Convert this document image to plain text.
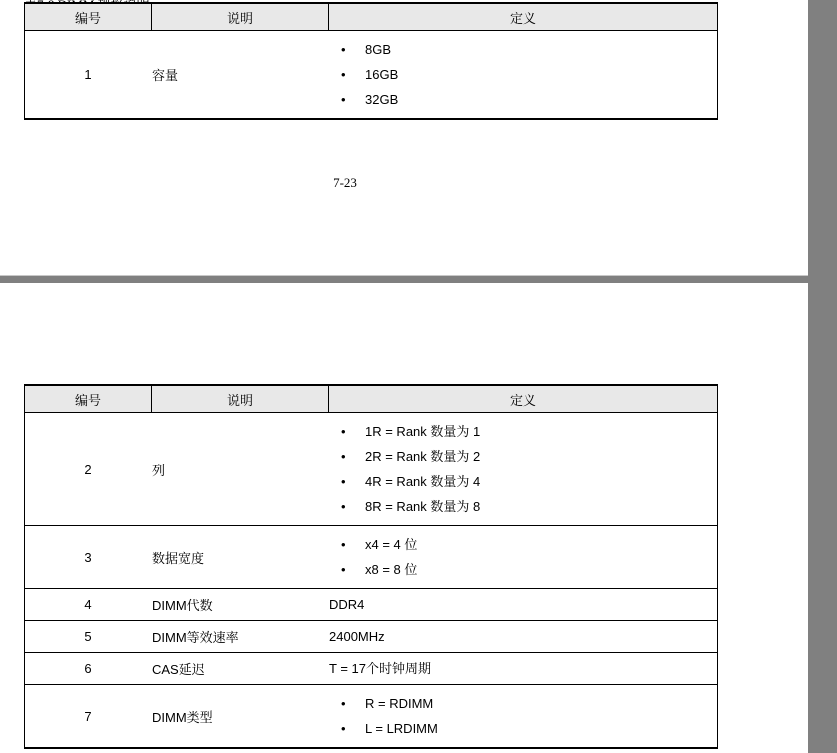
编号	说明	定义
1	容量	
• 8GB
• 16GB
• 32GB
7-23
编号	说明	定义
2	列	
• 1R = Rank 数量为 1
• 2R = Rank 数量为 2
• 4R = Rank 数量为 4
• 8R = Rank 数量为 8

3	数据宽度	
• x4 = 4 位
• x8 = 8 位

4	DIMM代数	DDR4
5	DIMM等效速率	2400MHz
6	CAS延迟	T = 17个时钟周期
7	DIMM类型	
• R = RDIMM
• L = LRDIMM
